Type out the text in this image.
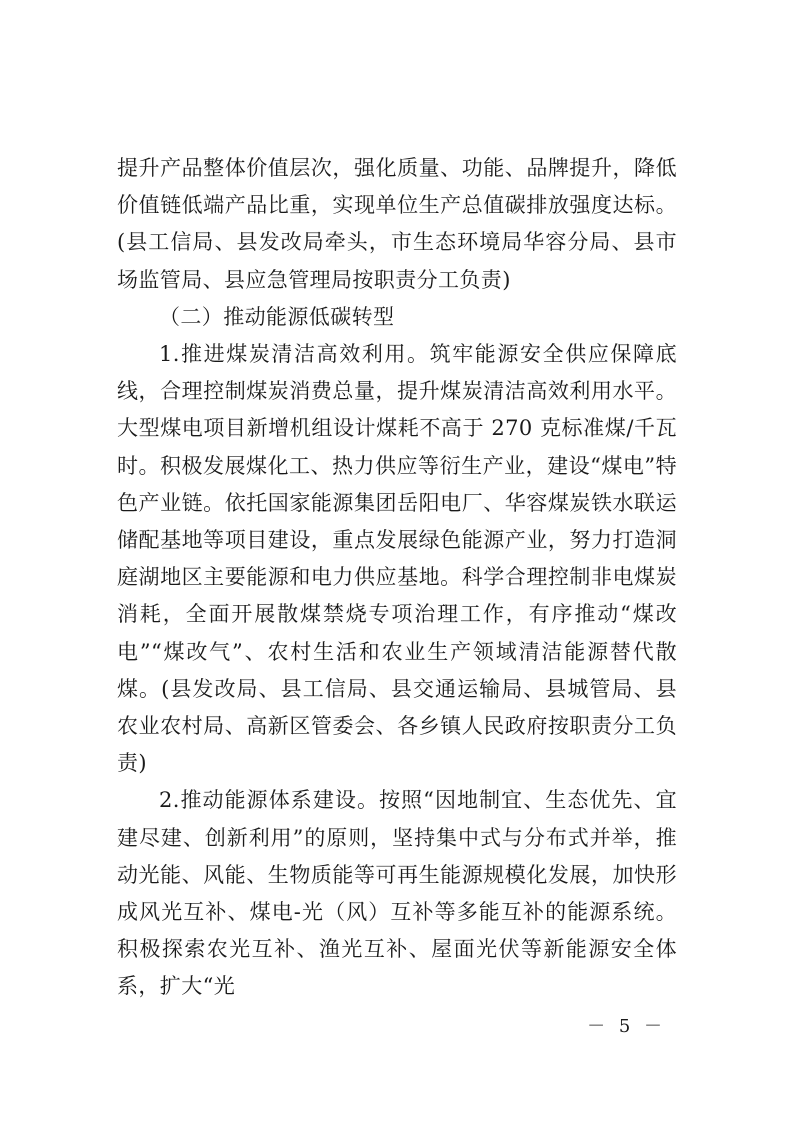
提升产品整体价值层次，强化质量、功能、品牌提升，降低价值链低端产品比重，实现单位生产总值碳排放强度达标。(县工信局、县发改局牵头，市生态环境局华容分局、县市场监管局、县应急管理局按职责分工负责)

（二）推动能源低碳转型

1.推进煤炭清洁高效利用。筑牢能源安全供应保障底线，合理控制煤炭消费总量，提升煤炭清洁高效利用水平。大型煤电项目新增机组设计煤耗不高于 270 克标准煤/千瓦时。积极发展煤化工、热力供应等衍生产业，建设“煤电”特色产业链。依托国家能源集团岳阳电厂、华容煤炭铁水联运储配基地等项目建设，重点发展绿色能源产业，努力打造洞庭湖地区主要能源和电力供应基地。科学合理控制非电煤炭消耗，全面开展散煤禁烧专项治理工作，有序推动“煤改电”“煤改气”、农村生活和农业生产领域清洁能源替代散煤。(县发改局、县工信局、县交通运输局、县城管局、县农业农村局、高新区管委会、各乡镇人民政府按职责分工负责)

2.推动能源体系建设。按照“因地制宜、生态优先、宜建尽建、创新利用”的原则，坚持集中式与分布式并举，推动光能、风能、生物质能等可再生能源规模化发展，加快形成风光互补、煤电-光（风）互补等多能互补的能源系统。积极探索农光互补、渔光互补、屋面光伏等新能源安全体系，扩大“光

－ 5 －
